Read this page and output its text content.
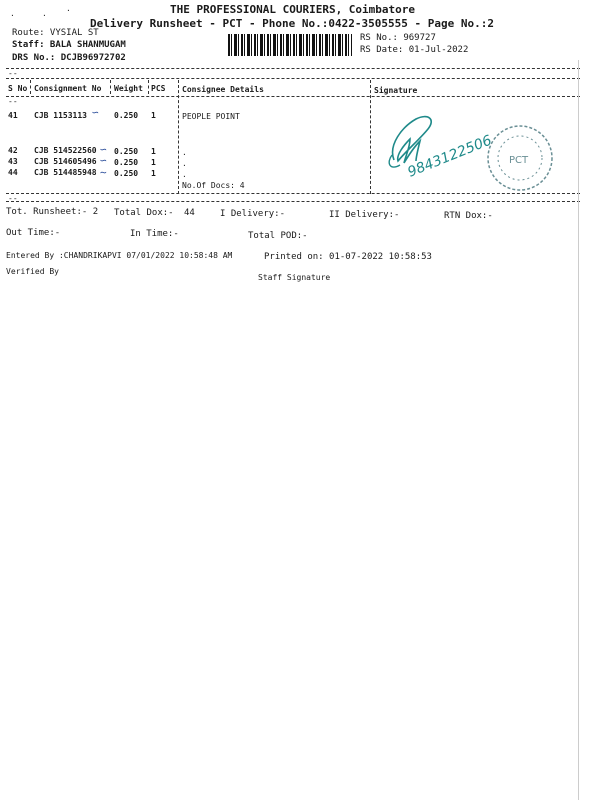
THE PROFESSIONAL COURIERS, Coimbatore
Delivery Runsheet - PCT - Phone No.:0422-3505555 - Page No.:2
.	.
.
Route: VYSIAL ST
Staff: BALA SHANMUGAM
DRS No.: DCJB96972702
RS No.: 969727
RS Date: 01-Jul-2022
--
S No Consignment No Weight PCS Consignee Details	Signature
--
41 CJB 1153113	0.250 1	PEOPLE POINT
42 CJB 514522560 0.250 1	.
43 CJB 514605496 0.250 1	.
44 CJB 514485948 0.250 1	.
∽
∽
∽
∼
No.Of Docs: 4
9843122506 PCT
--
Tot. Runsheet:- 2 Total Dox:- 44	I Delivery:-	II Delivery:-	RTN Dox:-
Out Time:-	In Time:-	Total POD:-
Entered By :CHANDRIKAPVI 07/01/2022 10:58:48 AM	Printed on: 01-07-2022 10:58:53
Verified By
Staff Signature
